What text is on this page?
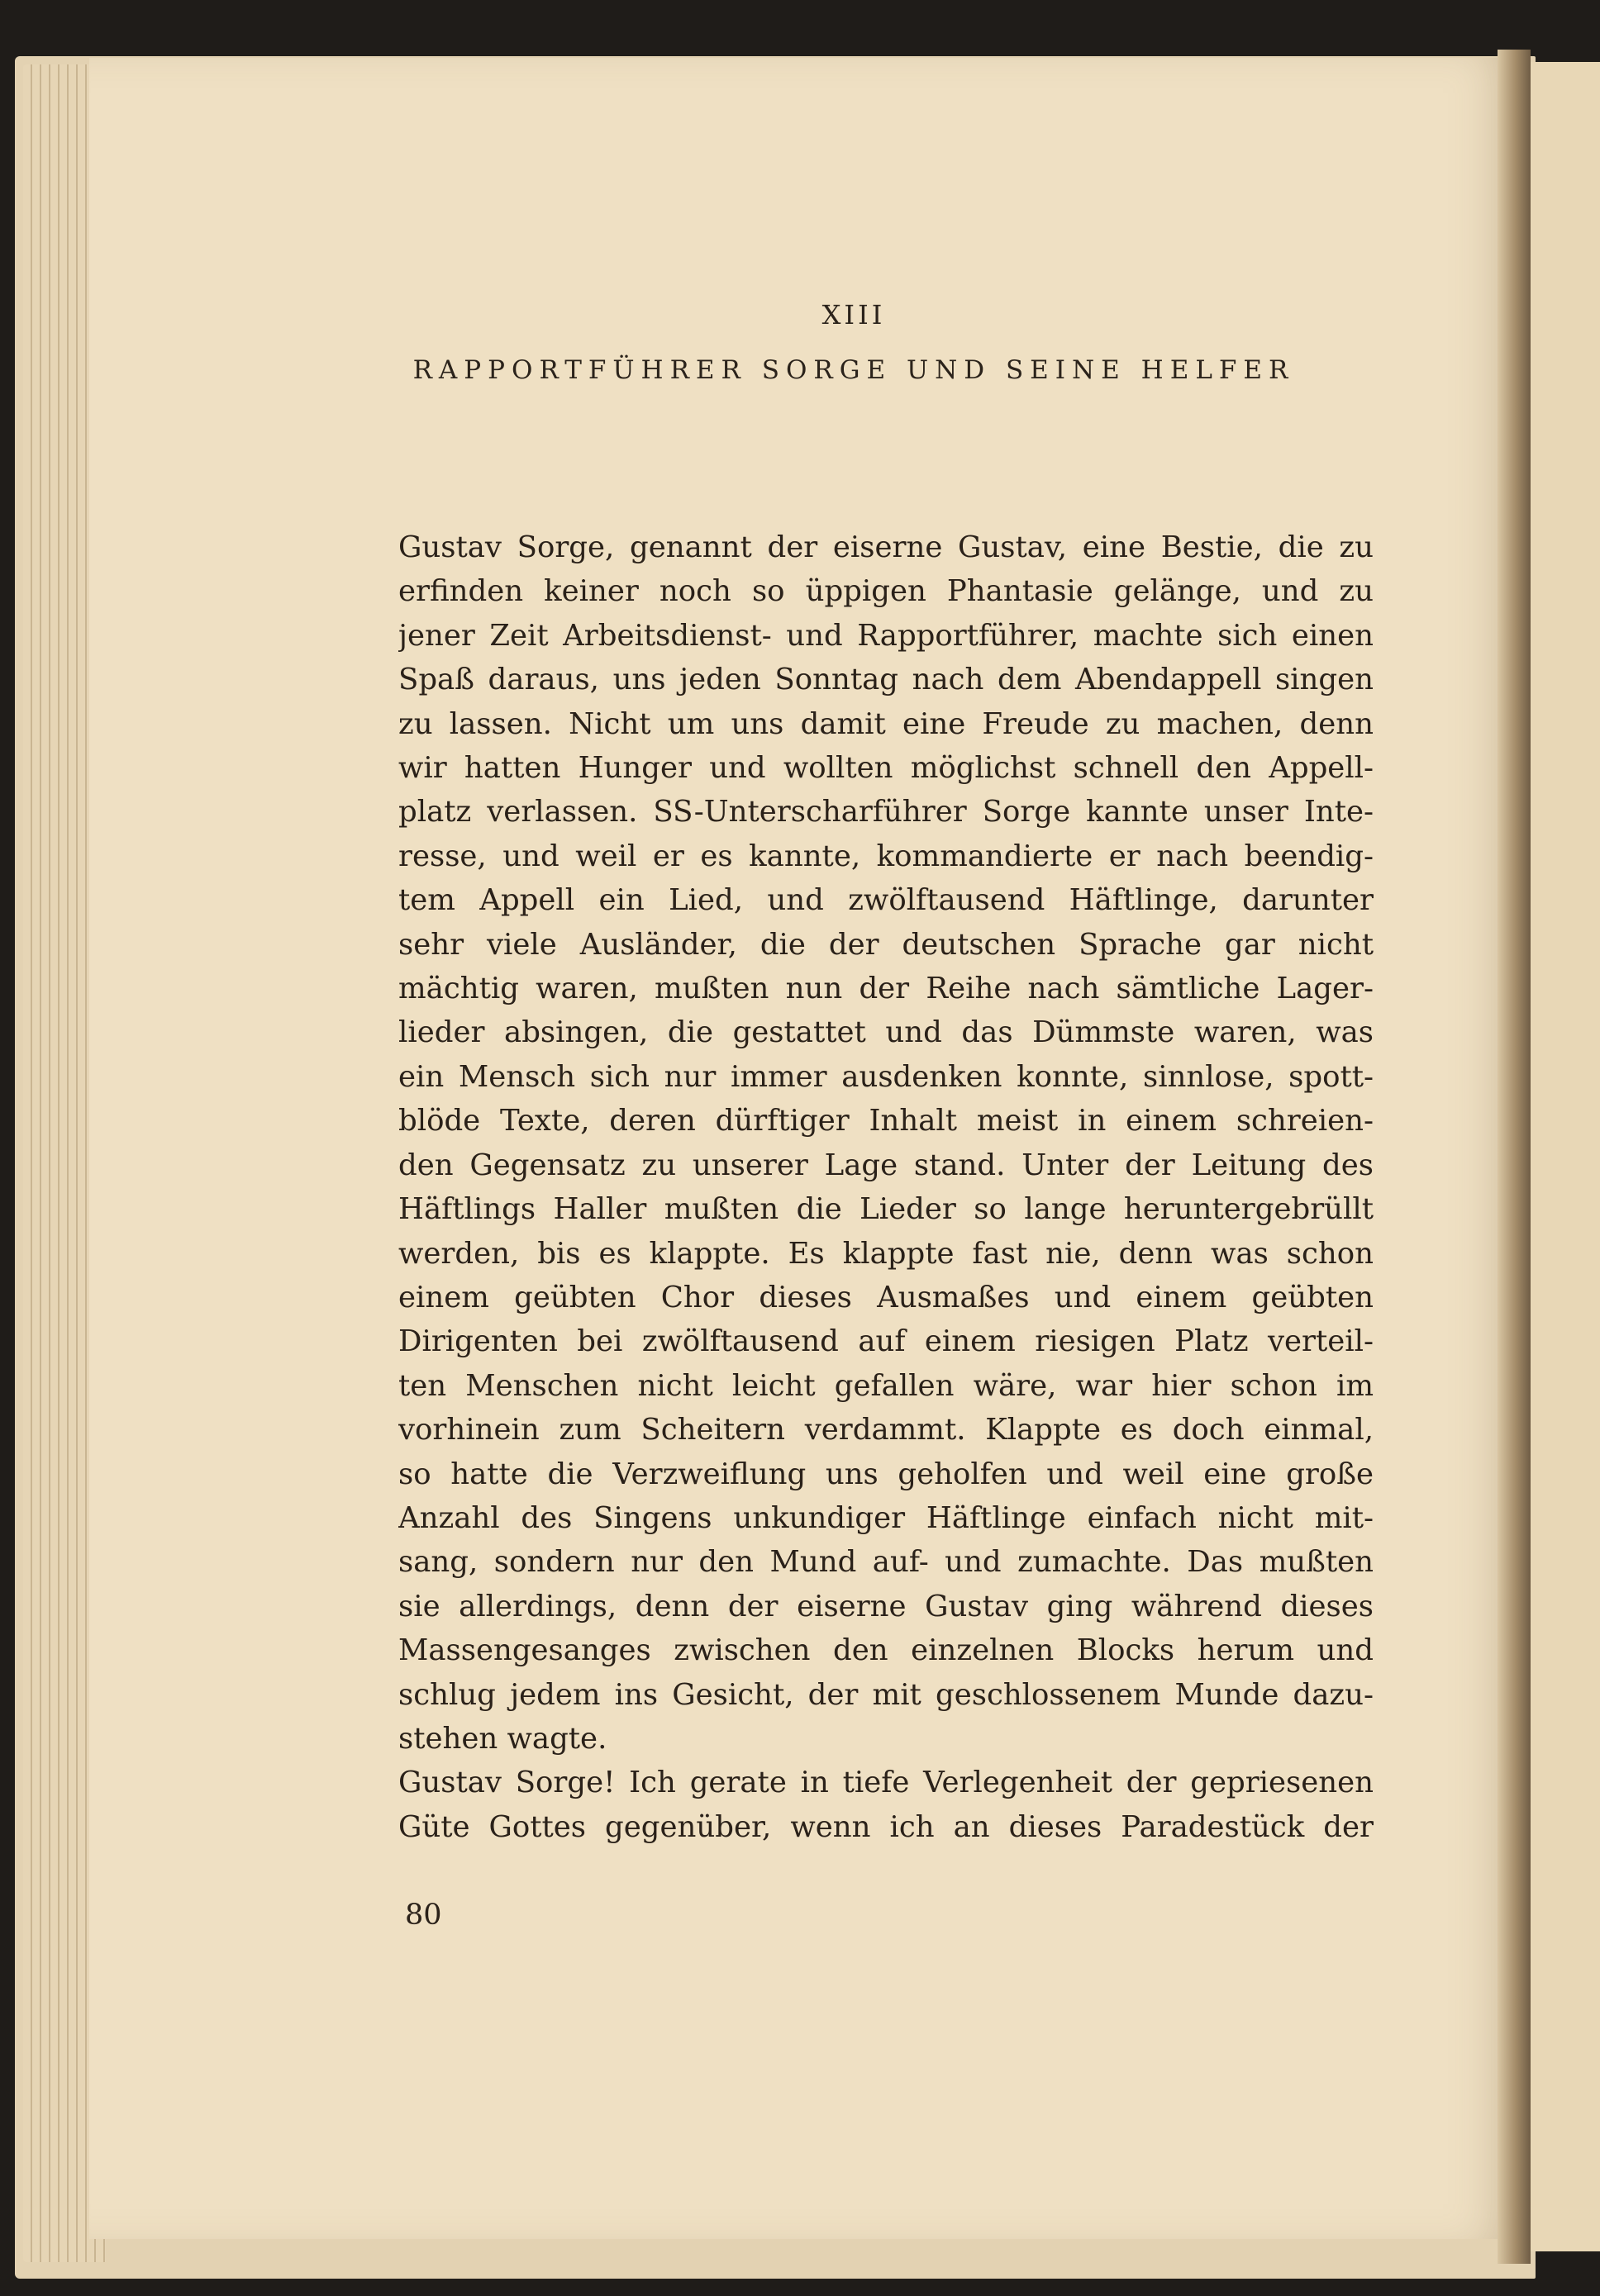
XIII
RAPPORTFÜHRER SORGE UND SEINE HELFER
Gustav Sorge, genannt der eiserne Gustav, eine Bestie, die zu
erfinden keiner noch so üppigen Phantasie gelänge, und zu
jener Zeit Arbeitsdienst- und Rapportführer, machte sich einen
Spaß daraus, uns jeden Sonntag nach dem Abendappell singen
zu lassen. Nicht um uns damit eine Freude zu machen, denn
wir hatten Hunger und wollten möglichst schnell den Appell-
platz verlassen. SS-Unterscharführer Sorge kannte unser Inte-
resse, und weil er es kannte, kommandierte er nach beendig-
tem Appell ein Lied, und zwölftausend Häftlinge, darunter
sehr viele Ausländer, die der deutschen Sprache gar nicht
mächtig waren, mußten nun der Reihe nach sämtliche Lager-
lieder absingen, die gestattet und das Dümmste waren, was
ein Mensch sich nur immer ausdenken konnte, sinnlose, spott-
blöde Texte, deren dürftiger Inhalt meist in einem schreien-
den Gegensatz zu unserer Lage stand. Unter der Leitung des
Häftlings Haller mußten die Lieder so lange heruntergebrüllt
werden, bis es klappte. Es klappte fast nie, denn was schon
einem geübten Chor dieses Ausmaßes und einem geübten
Dirigenten bei zwölftausend auf einem riesigen Platz verteil-
ten Menschen nicht leicht gefallen wäre, war hier schon im
vorhinein zum Scheitern verdammt. Klappte es doch einmal,
so hatte die Verzweiflung uns geholfen und weil eine große
Anzahl des Singens unkundiger Häftlinge einfach nicht mit-
sang, sondern nur den Mund auf- und zumachte. Das mußten
sie allerdings, denn der eiserne Gustav ging während dieses
Massengesanges zwischen den einzelnen Blocks herum und
schlug jedem ins Gesicht, der mit geschlossenem Munde dazu-
stehen wagte.
Gustav Sorge! Ich gerate in tiefe Verlegenheit der gepriesenen
Güte Gottes gegenüber, wenn ich an dieses Paradestück der
80
